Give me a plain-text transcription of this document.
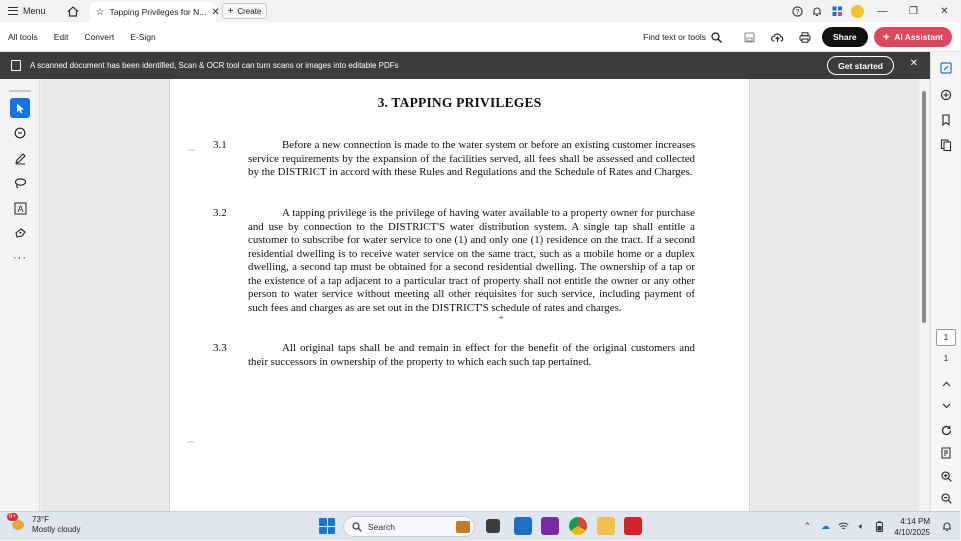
Menu	☆ Tapping Privileges for N... ✕ + Create	?	—	❐	✕
All tools	Edit	Convert	E-Sign	Find text or tools	Share	✦ AI Assistant
A scanned document has been identified, Scan & OCR tool can turn scans or images into editable PDFs	Get started	✕
A
···
3. TAPPING PRIVILEGES
3.1	Before a new connection is made to the water system or before an existing customer increases service requirements by the expansion of the facilities served, all fees shall be assessed and collected by the DISTRICT in accord with these Rules and Regulations and the Schedule of Rates and Charges.
3.2	A tapping privilege is the privilege of having water available to a property owner for purchase and use by connection to the DISTRICT'S water distribution system. A single tap shall entitle a customer to subscribe for water service to one (1) and only one (1) residence on the tract. If a second residential dwelling is to receive water service on the same tract, such as a mobile home or a duplex dwelling, a second tap must be obtained for a second residential dwelling. The ownership of a tap or the existence of a tap adjacent to a particular tract of property shall not entitle the owner or any other person to water service without meeting all other requisites for such service, including payment of such fees and charges as are set out in the DISTRICT'S schedule of rates and charges.
3.3	All original taps shall be and remain in effect for the benefit of the original customers and their successors in ownership of the property to which each such tap pertained.
⁀
⁀
⌖
1
1
9+ 73°F
Mostly cloudy	Search	⌃	☁	🔈︎	4:14 PM
4/10/2025
